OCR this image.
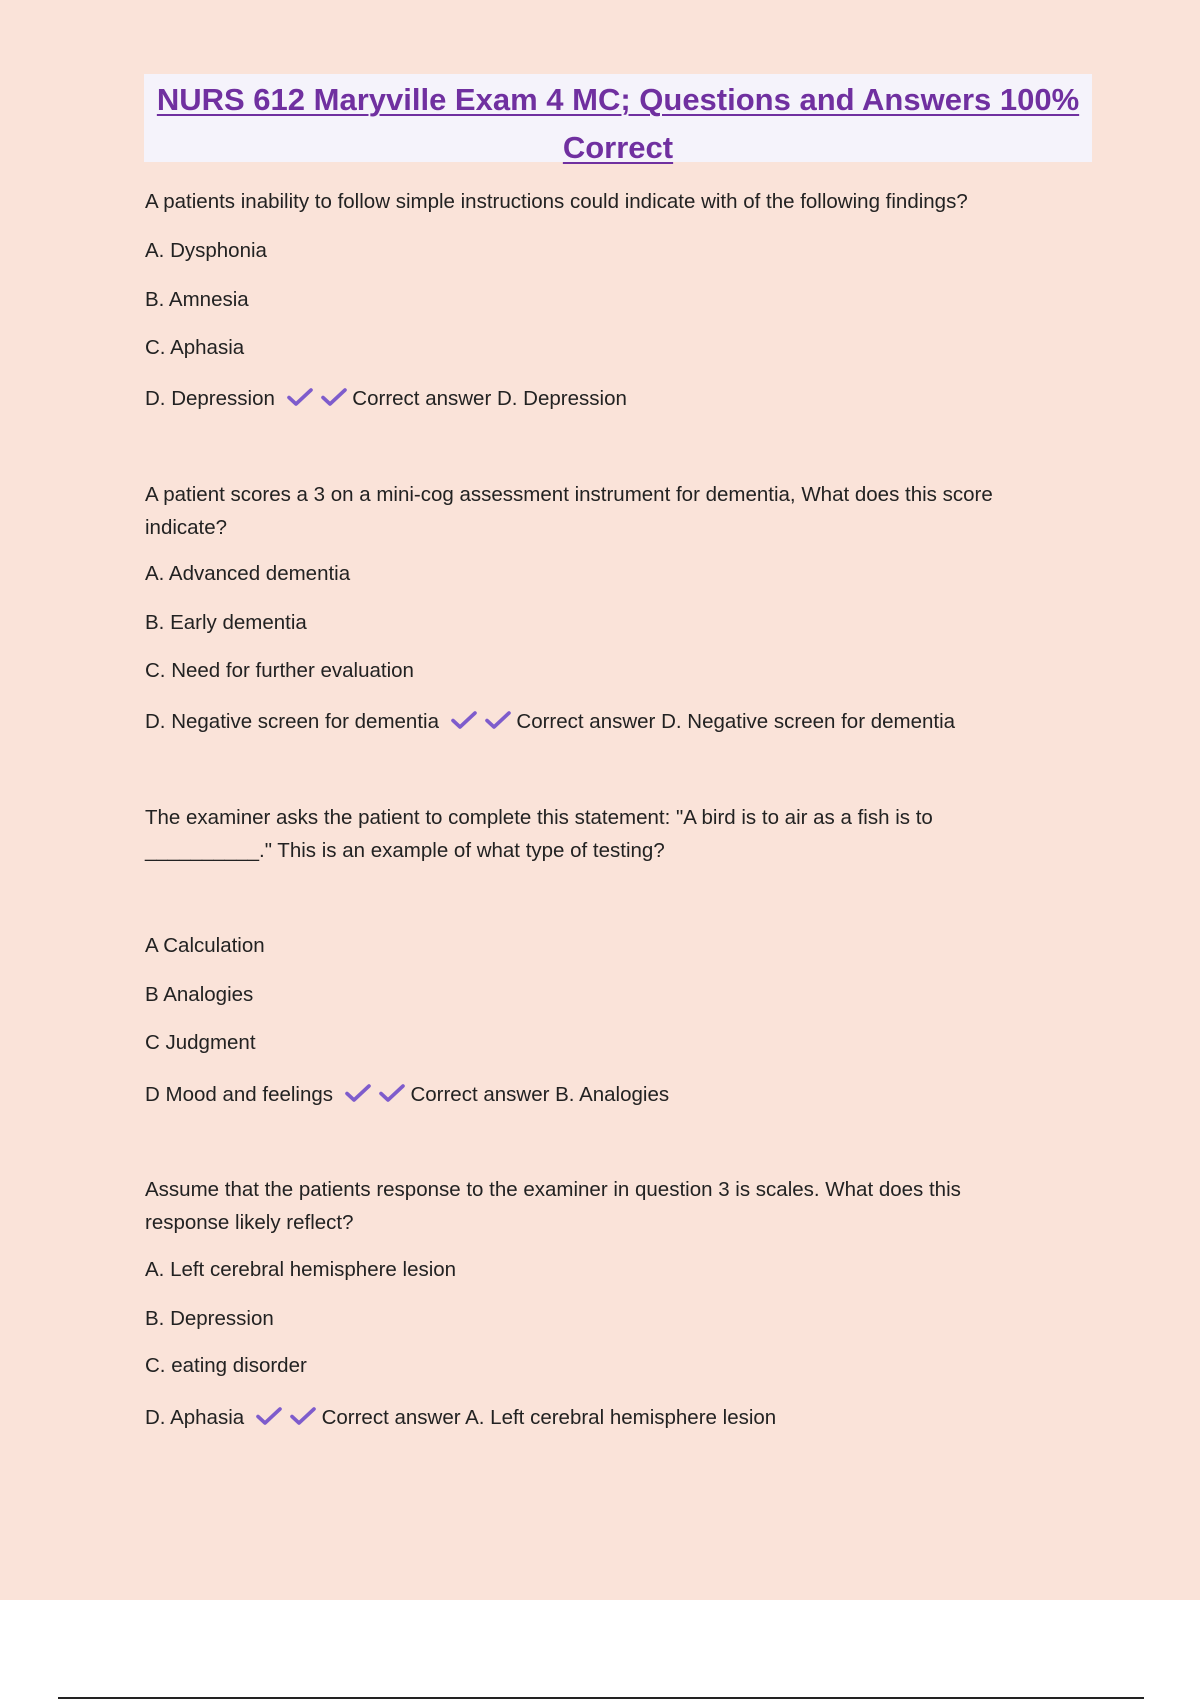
NURS 612 Maryville Exam 4 MC; Questions and Answers 100%
Correct
A patients inability to follow simple instructions could indicate with of the following findings?
A. Dysphonia
B. Amnesia
C. Aphasia
D. Depression	Correct answer D. Depression
A patient scores a 3 on a mini-cog assessment instrument for dementia, What does this score
indicate?
A. Advanced dementia
B. Early dementia
C. Need for further evaluation
D. Negative screen for dementia	Correct answer D. Negative screen for dementia
The examiner asks the patient to complete this statement: "A bird is to air as a fish is to
__________." This is an example of what type of testing?
A Calculation
B Analogies
C Judgment
D Mood and feelings	Correct answer B. Analogies
Assume that the patients response to the examiner in question 3 is scales. What does this
response likely reflect?
A. Left cerebral hemisphere lesion
B. Depression
C. eating disorder
D. Aphasia	Correct answer A. Left cerebral hemisphere lesion
